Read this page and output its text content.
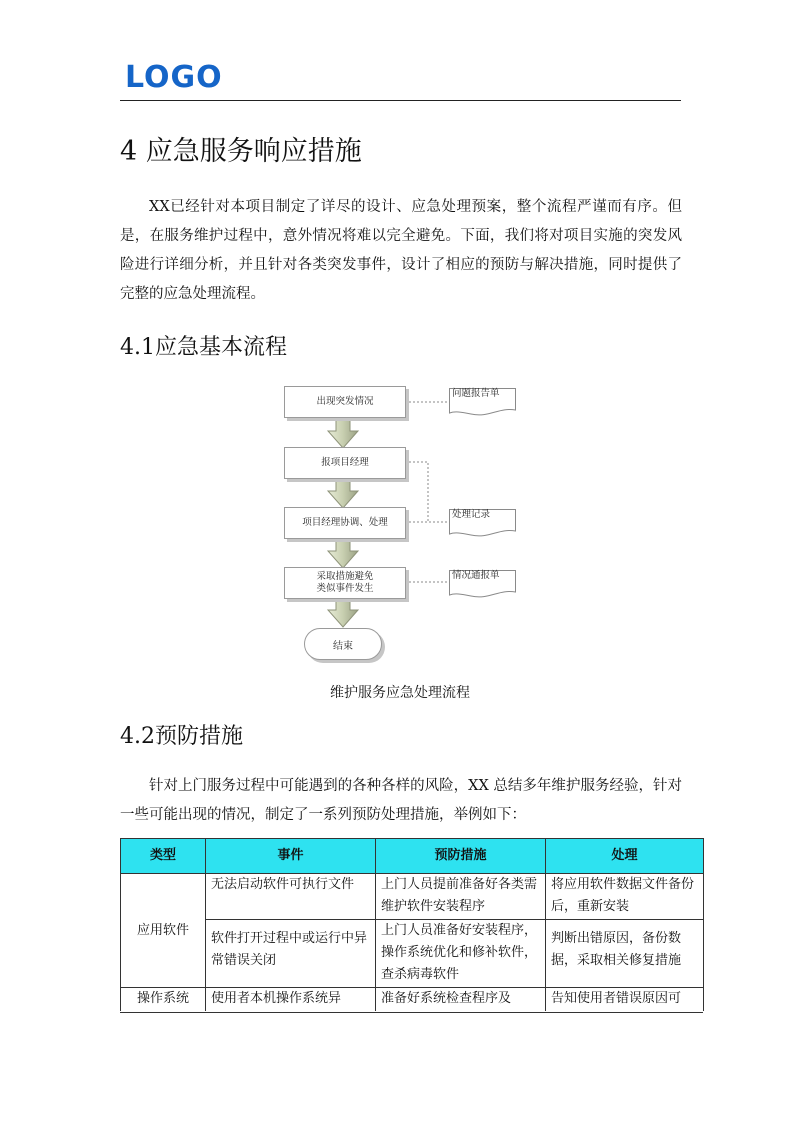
LOGO
4 应急服务响应措施

XX已经针对本项目制定了详尽的设计、应急处理预案，整个流程严谨而有序。但是，在服务维护过程中，意外情况将难以完全避免。下面，我们将对项目实施的突发风险进行详细分析，并且针对各类突发事件，设计了相应的预防与解决措施，同时提供了完整的应急处理流程。

4.1应急基本流程
出现突发情况
报项目经理
项目经理协调、处理
采取措施避免
类似事件发生
结束
问题报告单
处理记录
情况通报单
维护服务应急处理流程
4.2预防措施

针对上门服务过程中可能遇到的各种各样的风险，XX 总结多年维护服务经验，针对一些可能出现的情况，制定了一系列预防处理措施，举例如下：

类型	事件	预防措施	处理
应用软件	无法启动软件可执行文件	上门人员提前准备好各类需维护软件安装程序	将应用软件数据文件备份后，重新安装
	软件打开过程中或运行中异常错误关闭	上门人员准备好安装程序，操作系统优化和修补软件，查杀病毒软件	判断出错原因，备份数据，采取相关修复措施
操作系统	使用者本机操作系统异	准备好系统检查程序及	告知使用者错误原因可
